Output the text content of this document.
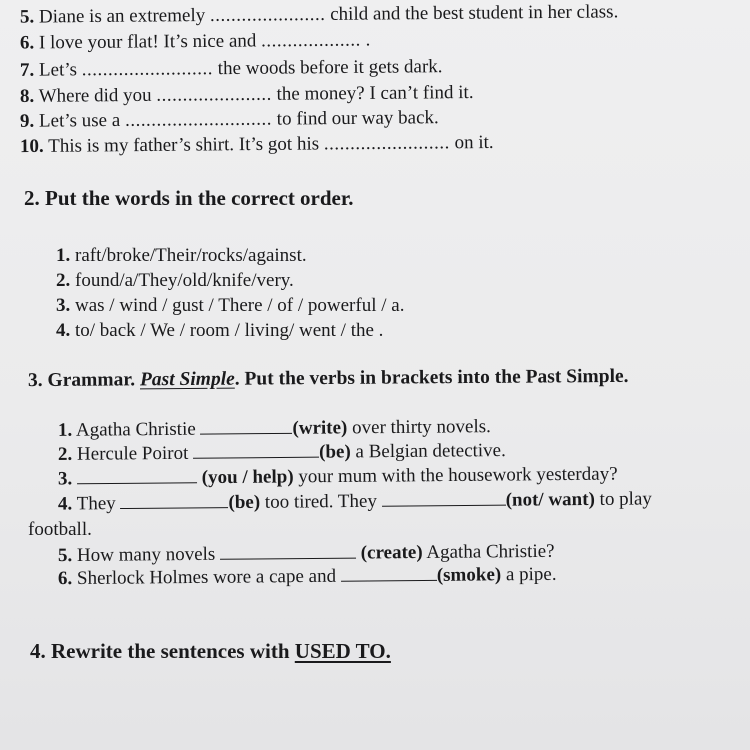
5. Diane is an extremely ...................... child and the best student in her class.
6. I love your flat! It’s nice and ................... .
7. Let’s ......................... the woods before it gets dark.
8. Where did you ...................... the money? I can’t find it.
9. Let’s use a ............................ to find our way back.
10. This is my father’s shirt. It’s got his ........................ on it.
2. Put the words in the correct order.
1. raft/broke/Their/rocks/against.
2. found/a/They/old/knife/very.
3. was / wind / gust / There / of / powerful / a.
4. to/ back / We / room / living/ went / the .
3. Grammar. Past Simple. Put the verbs in brackets into the Past Simple.
1. Agatha Christie	(write) over thirty novels.
2. Hercule Poirot	(be) a Belgian detective.
3.	(you / help) your mum with the housework yesterday?
4. They	(be) too tired. They	(not/ want) to play
football.
5. How many novels	(create) Agatha Christie?
6. Sherlock Holmes wore a cape and	(smoke) a pipe.
4. Rewrite the sentences with USED TO.
